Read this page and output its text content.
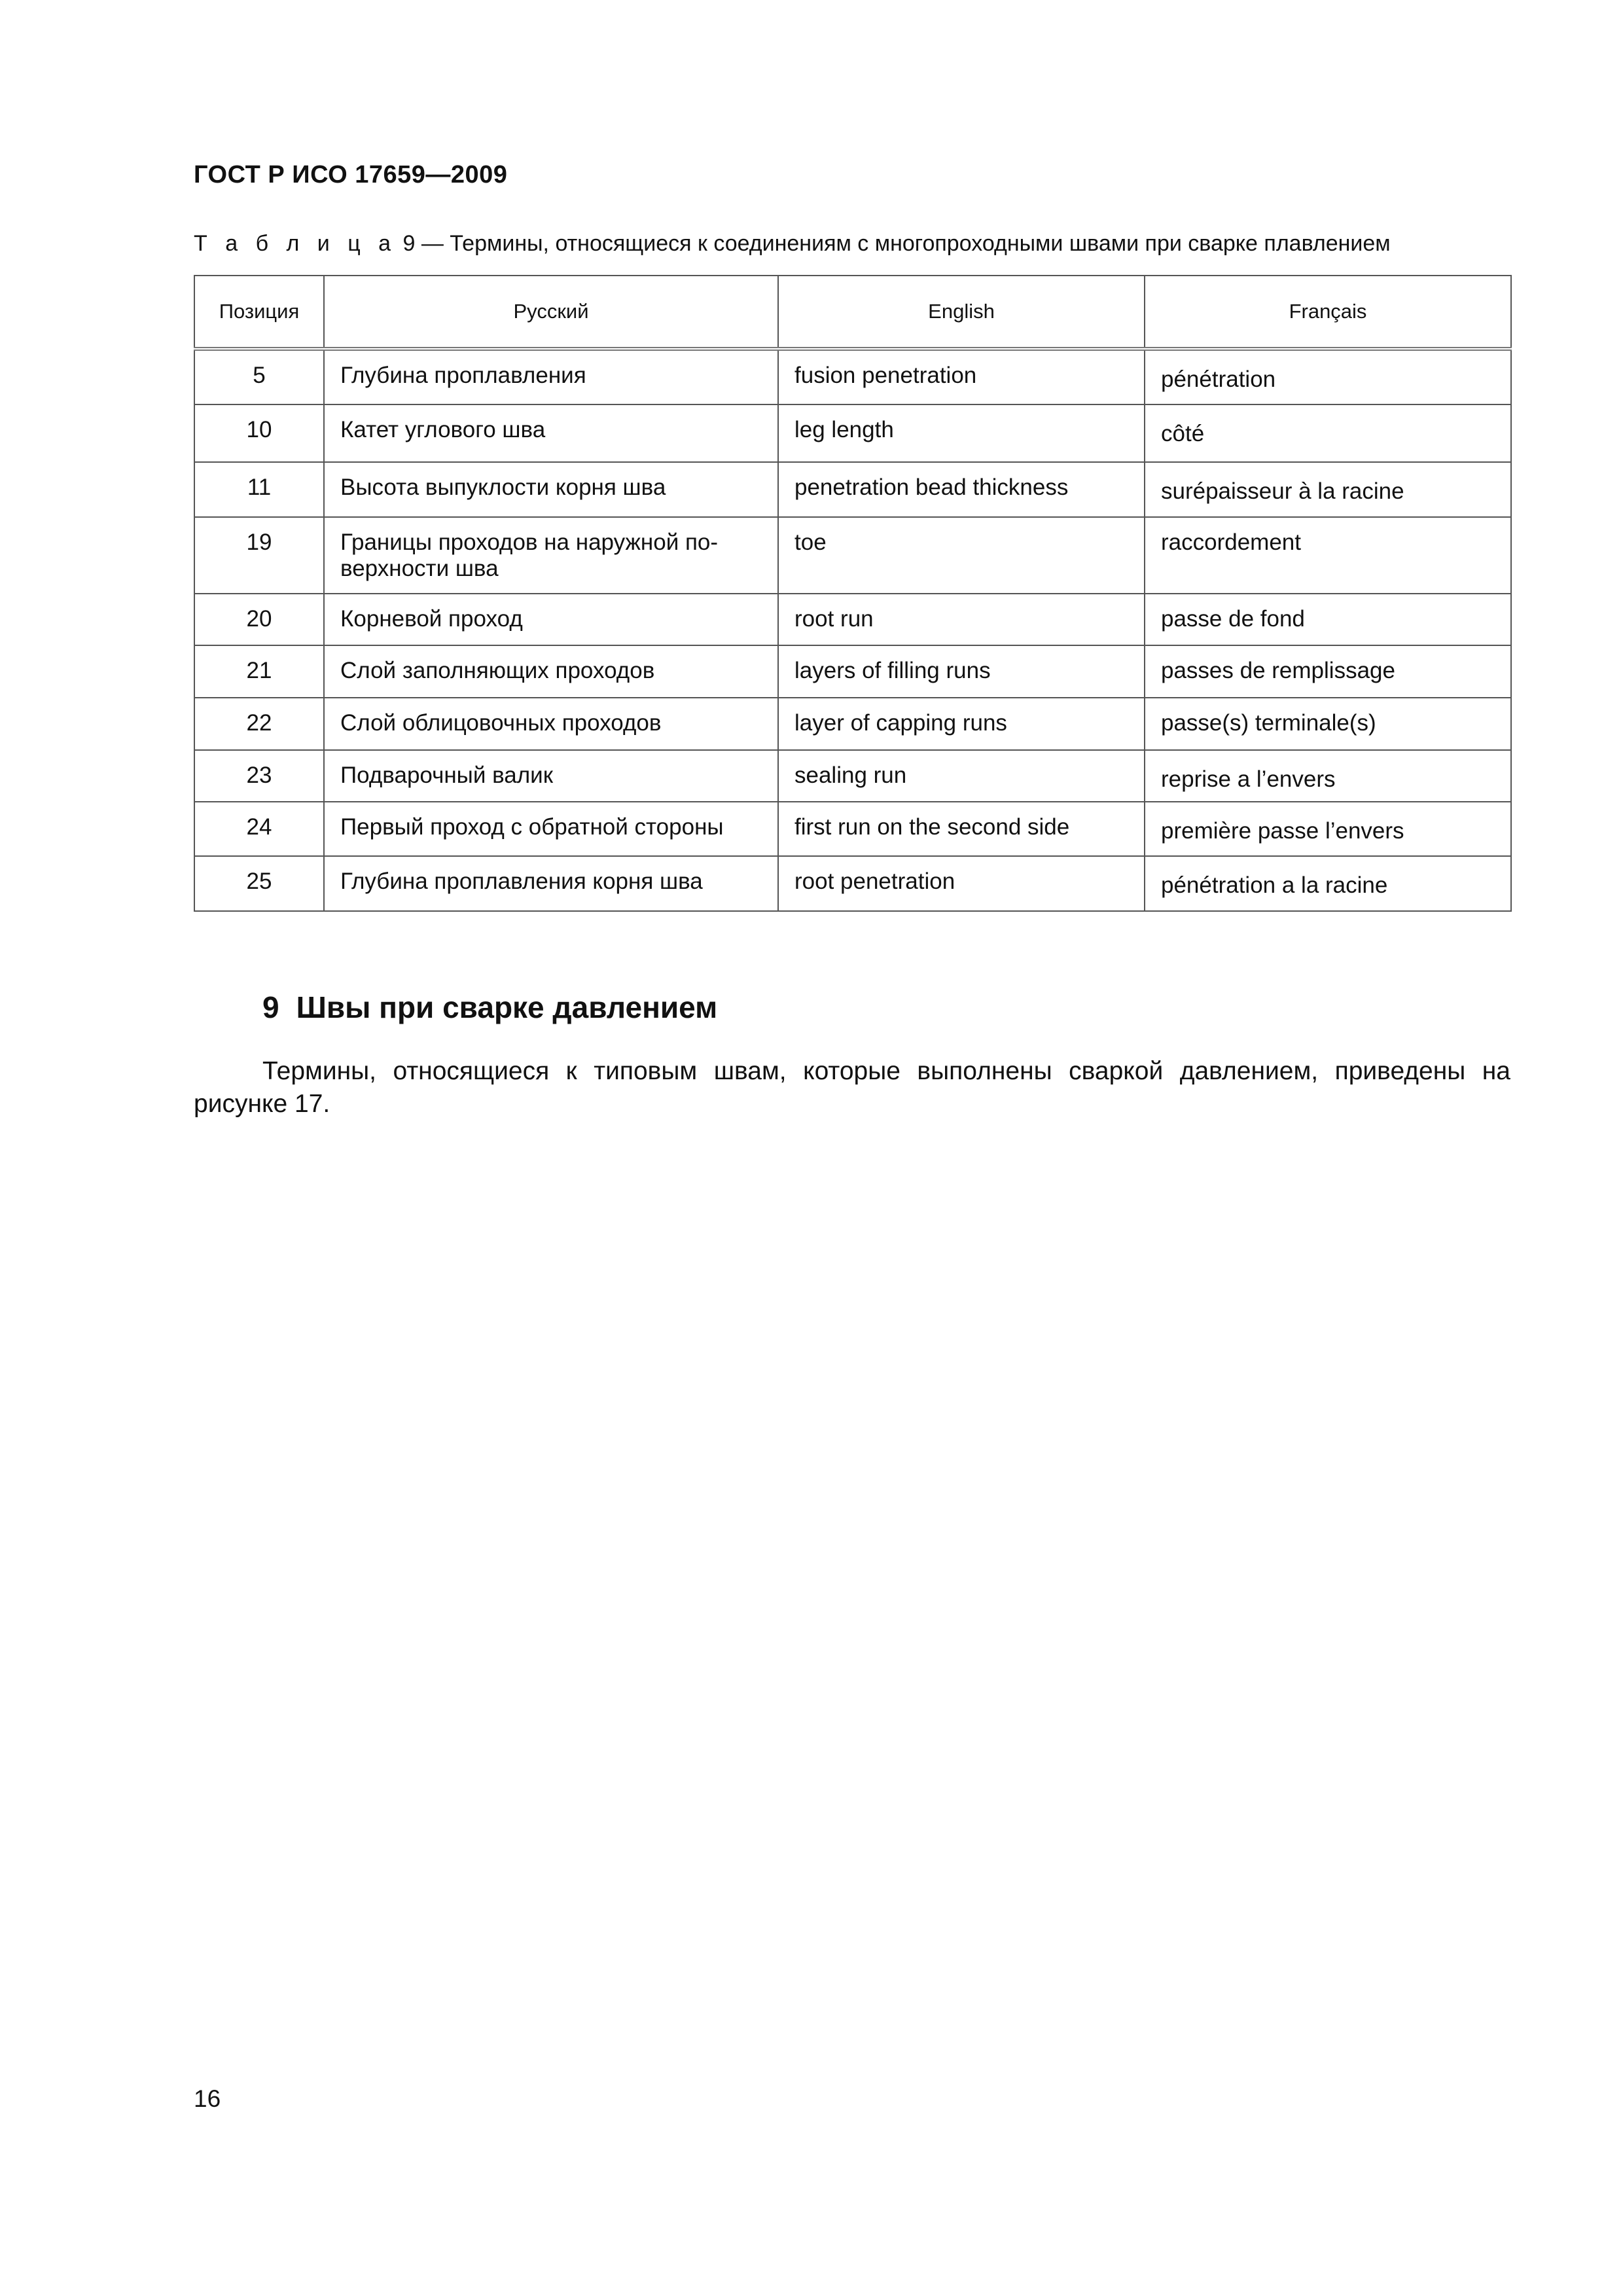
ГОСТ Р ИСО 17659—2009
Т а б л и ц а 9 — Термины, относящиеся к соединениям с многопроходными швами при сварке плавлением
Позиция	Русский	English	Français
5	Глубина проплавления	fusion penetration	pénétration
10	Катет углового шва	leg length	côté
11	Высота выпуклости корня шва	penetration bead thickness	surépaisseur à la racine
19	Границы проходов на наружной по-верхности шва	toe	raccordement
20	Корневой проход	root run	passe de fond
21	Слой заполняющих проходов	layers of filling runs	passes de remplissage
22	Слой облицовочных проходов	layer of capping runs	passe(s) terminale(s)
23	Подварочный валик	sealing run	reprise a l’envers
24	Первый проход с обратной стороны	first run on the second side	première passe l’envers
25	Глубина проплавления корня шва	root penetration	pénétration a la racine
9 Швы при сварке давлением
Термины, относящиеся к типовым швам, которые выполнены сваркой давлением, приведены на рисунке 17.
16
